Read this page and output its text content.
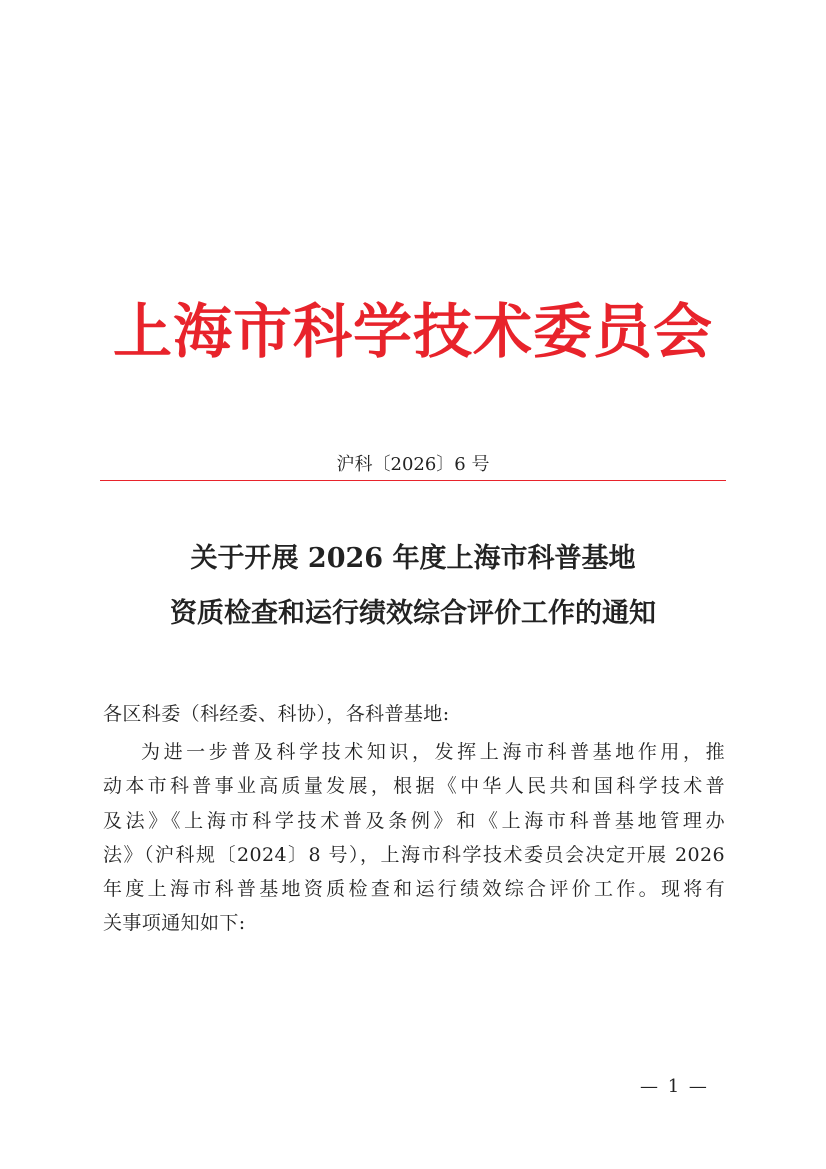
上海市科学技术委员会
沪科〔2026〕6 号
关于开展 2026 年度上海市科普基地
资质检查和运行绩效综合评价工作的通知
各区科委（科经委、科协），各科普基地:
为进一步普及科学技术知识，发挥上海市科普基地作用，推
动本市科普事业高质量发展，根据《中华人民共和国科学技术普
及法》《上海市科学技术普及条例》和《上海市科普基地管理办
法》（沪科规〔2024〕8 号），上海市科学技术委员会决定开展 2026
年度上海市科普基地资质检查和运行绩效综合评价工作。现将有
关事项通知如下:
— 1 —
